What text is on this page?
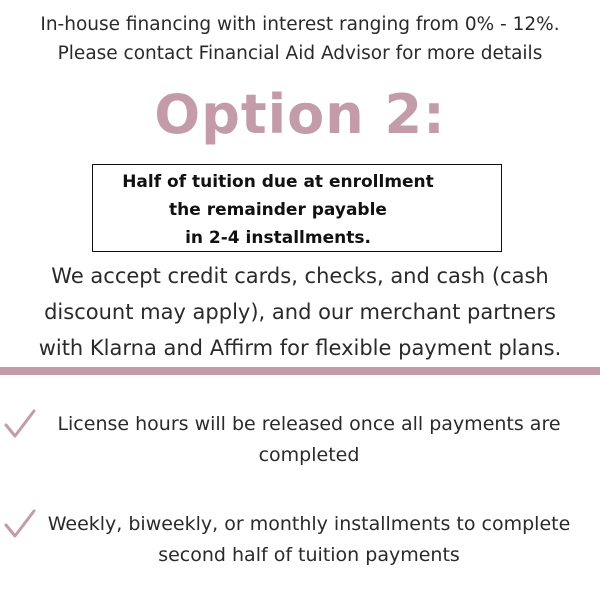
In-house financing with interest ranging from 0% - 12%.
Please contact Financial Aid Advisor for more details
Option 2:
Half of tuition due at enrollment
the remainder payable
in 2-4 installments.
We accept credit cards, checks, and cash (cash
discount may apply), and our merchant partners
with Klarna and Affirm for flexible payment plans.
License hours will be released once all payments are
completed
Weekly, biweekly, or monthly installments to complete
second half of tuition payments
